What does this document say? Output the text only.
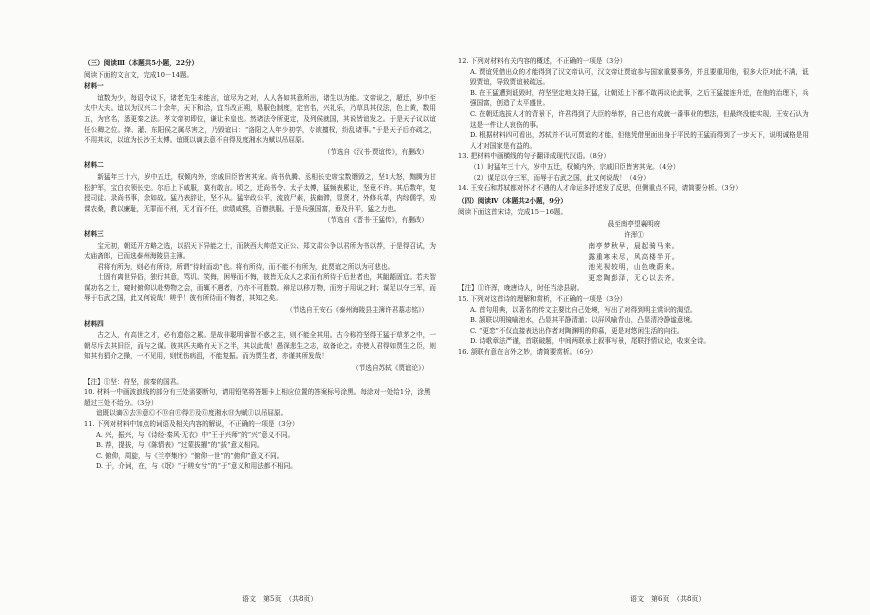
（三）阅读Ⅲ（本题共5小题，22分）

阅读下面的文言文，完成10－14题。

材料一

谊数为少，每诏令议下，诸老先生未能言，谊尽为之对，人人各如其意所出，诸生以为能。文帝说之，超迁，岁中至太中大夫。谊以为汉兴二十余年，天下和洽，宜当改正朔，易服色制度，定官名，兴礼乐，乃草具其仪法，色上黄，数用五，为官名，悉更秦之法。孝文帝初即位，谦让未皇也。然诸法令所更定，及列侯就国，其说皆谊发之。于是天子议以谊任公卿之位。绛、灌、东阳侯之属尽害之，乃毁谊曰：“洛阳之人年少初学，专欲擅权，纷乱诸事。”于是天子后亦疏之，不用其议，以谊为长沙王太傅。谊既以谪去意不自得及度湘水为赋以吊屈原。

（节选自《汉书·贾谊传》，有删改）

材料二

新猛年三十六，岁中五迁，权倾内外，宗戚旧臣皆害其宠。尚书仇腾、丞相长史席宝数谮毁之，坚1大怒，黜腾为甘松护军，宝白衣领长史。尔后上下咸服，莫有敢言。顷之，迁尚书令、太子太傅，猛频表累让，坚竟不许。其后数年，复授司徒、录尚书事，余如故。猛乃表辞让，坚不从。猛宰政公平，流放尸素，拔幽滞，显贤才，外修兵革，内综儒学，劝课农桑，教以廉耻，无罪而不刑，无才而不任，庶绩咸熙，百僚拱服。于是兵强国富，垂及升平，猛之力也。

（节选自《晋书·王猛传》，有删改）

材料三

宝元初，朝廷开方略之选，以招天下异能之士，而陕西大帅范文正公、郑文肃公争以君所为书以荐，于是得召试，为太庙斋郎，已而选泰州海陵县主簿。

君将有所为，则必有所待，所谓“待时而动”也。将有所待，而不能不有所为，此贾谊之所以为可悲也。

士固有离世异俗，独行其意，骂讥、笑侮，困辱而不悔，彼皆无众人之求而有所待于后世者也，其龃龉固宜。若夫智谋功名之士，窥时俯仰以赴势物之会，而辄不遇者，乃亦不可胜数。辩足以移万物，而穷于用说之时；谋足以夺三军，而辱于右武之国，此又何说哉！嗟乎！彼有所待而不悔者，其知之矣。

（节选自王安石《泰州海陵县主簿许君墓志铭》）

材料四

古之人，有高世之才，必有遗俗之累。是故非聪明睿智不惑之主，则不能全其用。古今称符坚得王猛于草茅之中，一朝尽斥去其旧臣，而与之谋。彼其匹夫略有天下之半，其以此哉！愚深悲生之志，故备论之。亦使人君得如贾生之臣，则知其有狷介之操，一不见用，则忧伤病沮，不能复振。而为贾生者，亦谨其所发哉！

（节选自苏轼《贾谊论》）

【注】①坚：苻坚，前秦的国君。

10. 材料一中画波浪线的部分有三处需要断句，请用铅笔将答题卡上相应位置的答案标号涂黑。每涂对一处给1分，涂黑超过三处不给分。（3分）

谊既以谪Ⓐ去Ⓑ意Ⓒ不Ⓓ自Ⓔ得Ⓕ及Ⓖ度湘水Ⓗ为赋Ⓘ以吊屈原。

11. 下列对材料中加点的词语及相关内容的解说，不正确的一项是（3分）

A. 兴，振兴，与《诗经·秦风·无衣》中“王于兴师”的“兴”意义不同。

B. 荐，提拔，与《陈情表》“过蒙拔擢”的“拔”意义相同。

C. 俯仰，周旋，与《兰亭集序》“俯仰一世”的“俯仰”意义不同。

D. 于，介词，在，与《氓》“于嗟女兮”的“于”意义和用法都不相同。

12. 下列对材料有关内容的概述，不正确的一项是（3分）

A. 贾谊凭借出众的才能得到了汉文帝认可，汉文帝让贾谊参与国家重要事务，并且要重用他，很多大臣对此不满，诋毁贾谊，导致贾谊被疏远。

B. 在王猛遭到诋毁时，苻坚坚定地支持王猛，让朝廷上下都不敢再议论此事，之后王猛接连升迁，在他的治理下，兵强国富，创造了太平盛世。

C. 在朝廷选拔人才的背景下，许君得到了大臣的举荐，自己也有成就一番事业的想法，但最终没能实现，王安石认为这是一件让人哀伤的事。

D. 根据材料四可看出，苏轼并不认可贾谊的才能，但他凭借里面出身于平民的王猛而得到了一步天下，说明诚格是用人才对国家是有益的。

13. 把材料中画横线的句子翻译成现代汉语。（8分）

（1）时猛年三十六，岁中五迁，权倾内外，宗戚旧臣皆害其宠。（4分）

（2）谋足以夺三军，而辱于右武之国，此又何说哉！（4分）

14. 王安石和苏轼都对怀才不遇的人才命运多抒述发了反思，但侧重点不同，请简要分析。（3分）

（四）阅读Ⅳ（本题共2小题，9分）

阅读下面这首宋诗，完成15－16题。

晨至南亭望襄明府

许浑①

南亭梦秋早，晨起骑马来。

露重寒未尽，风高楼半开。

池光视较明，山色晚蔚来。

更恋陶彭泽，无心以去齐。

【注】①许浑，晚唐诗人，时任当涂县尉。

15. 下列对这首诗的理解和赏析，不正确的一项是（3分）

A. 首句用典，以著名的传文主要比自己处境，写出了对得到明主赏识的渴望。

B. 颔联以明镜喻池水，凸显其平静清澈；以屏风喻青山，凸显清冷静谧意境。

C. “更恋”不仅直接表达出作者对陶渊明的仰慕，更是对悠闲生活的向往。

D. 诗歌章法严谨，首联破题，中间两联承上叙事写景，尾联抒情议论，收束全诗。

16. 颔联有意在言外之妙，请简要赏析。（6分）

语文　第5页　（共8页）	语文　第6页　（共8页）
